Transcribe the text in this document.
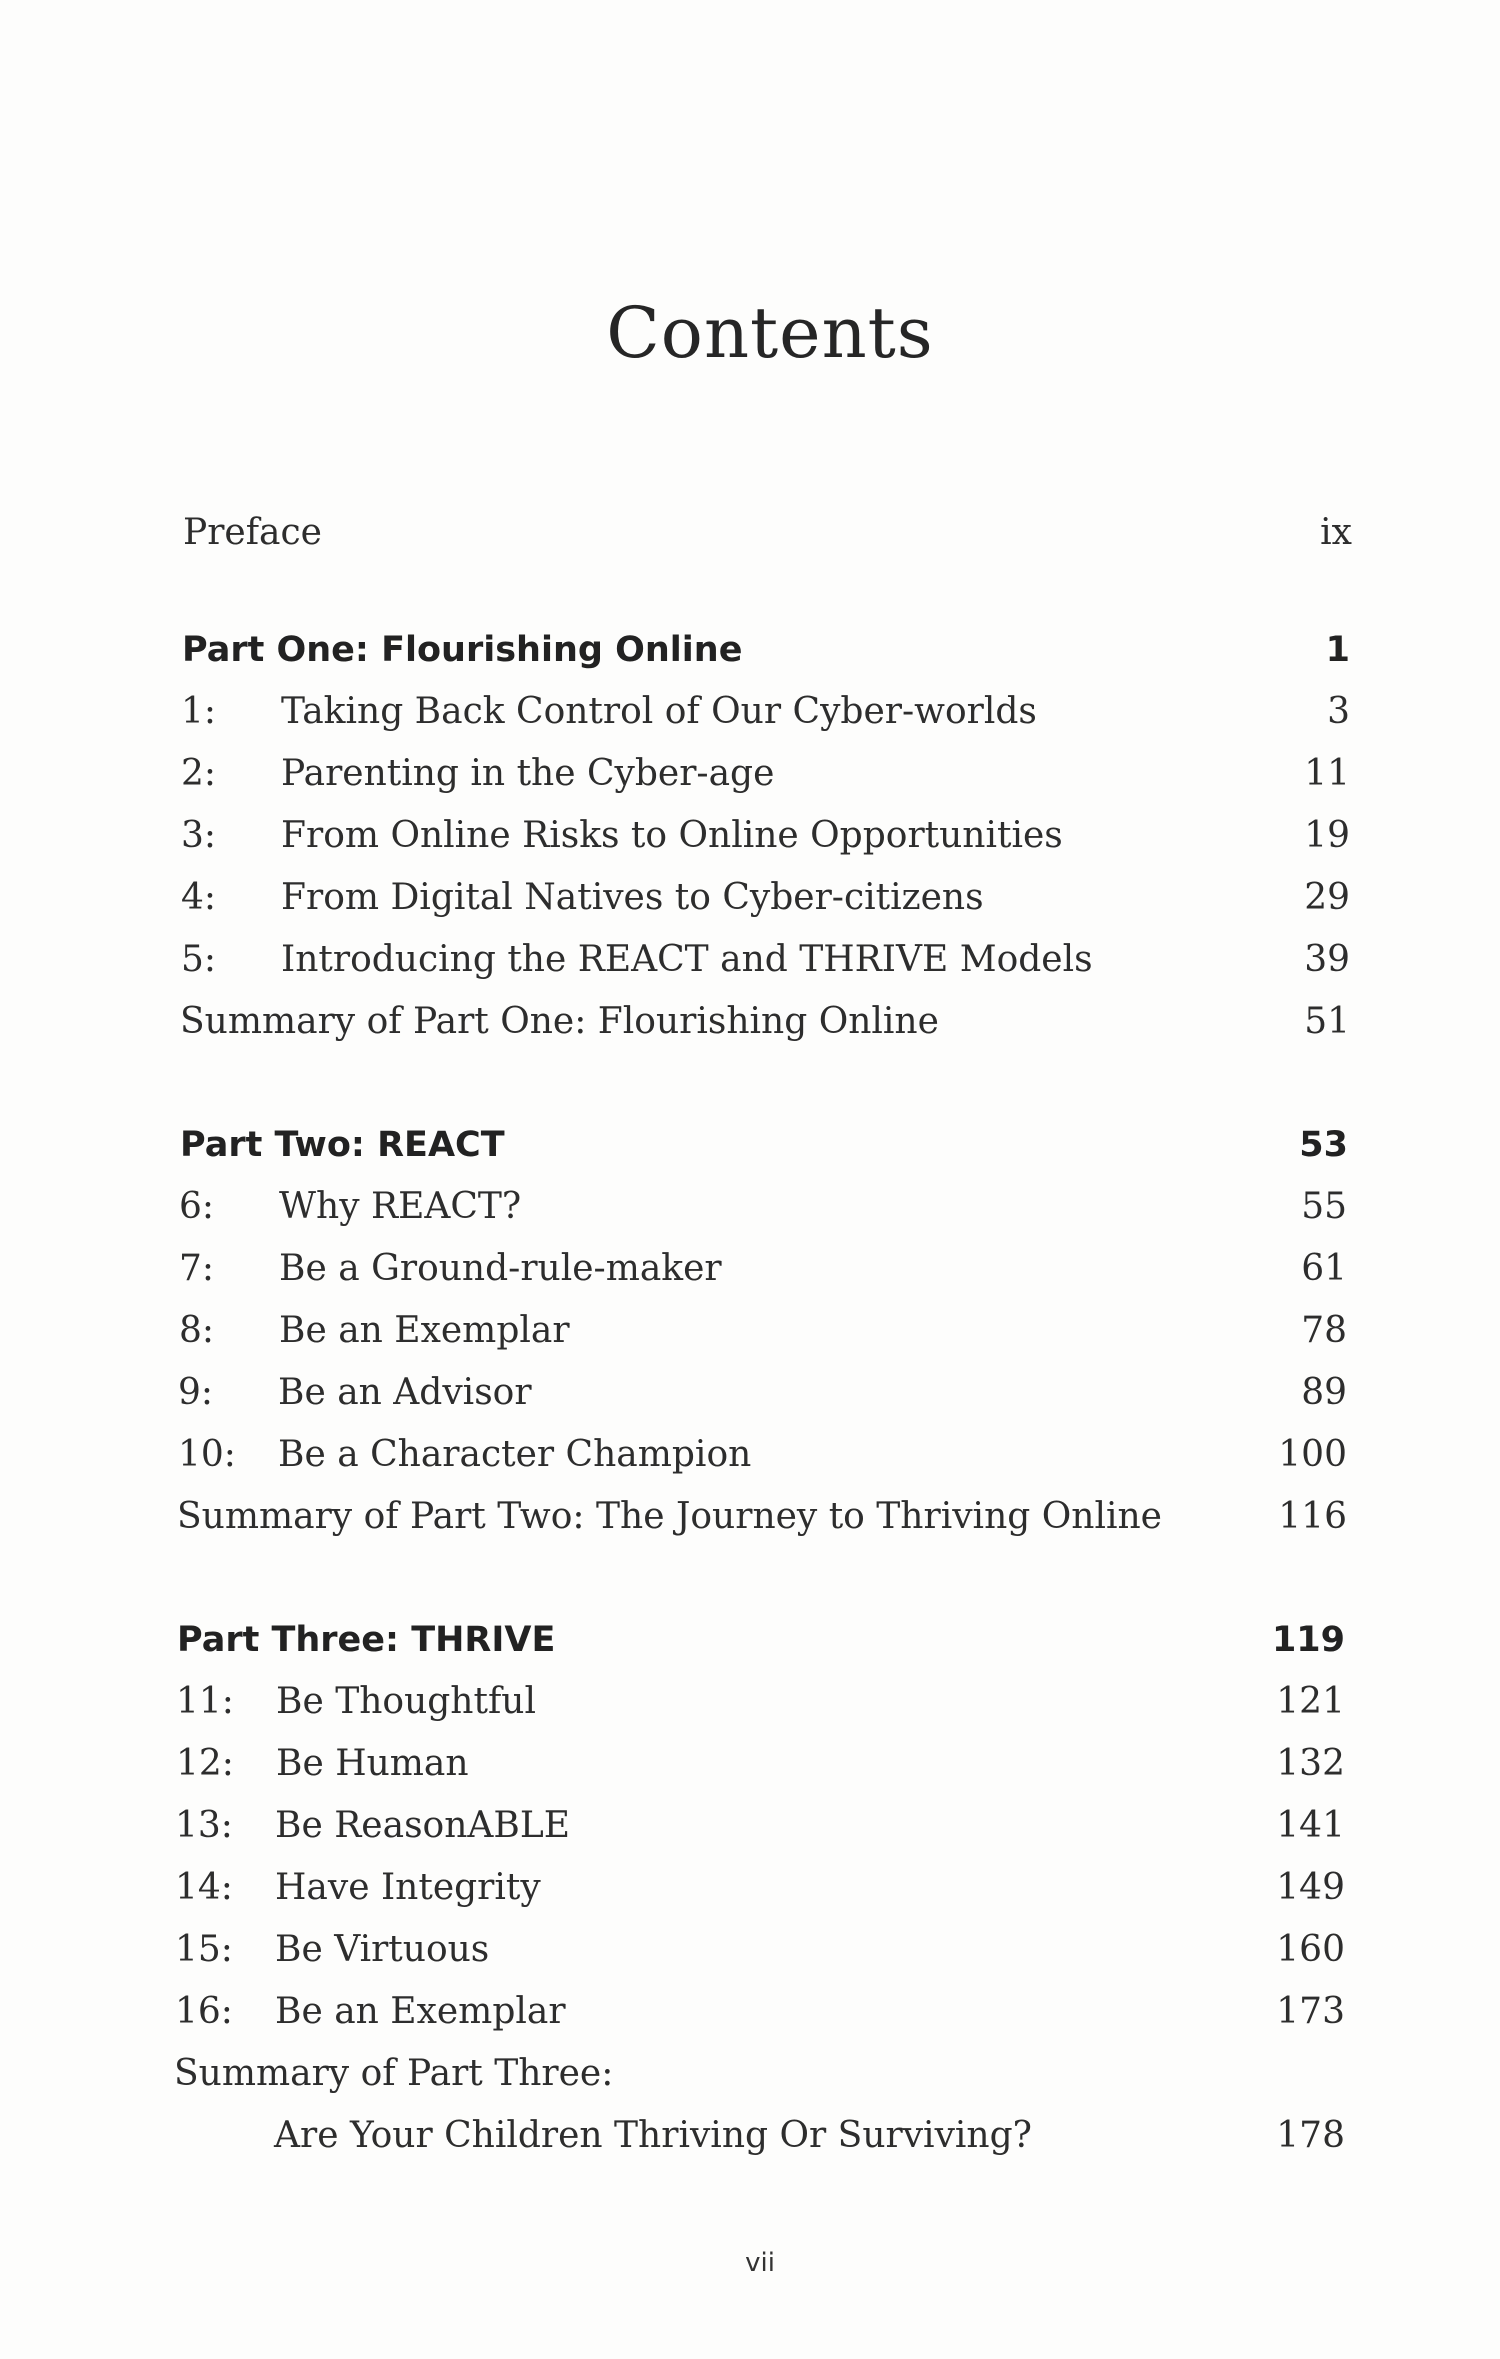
Contents
Preface	ix
Part One: Flourishing Online	1
1: Taking Back Control of Our Cyber-worlds	3
2: Parenting in the Cyber-age	11
3: From Online Risks to Online Opportunities	19
4: From Digital Natives to Cyber-citizens	29
5: Introducing the REACT and THRIVE Models	39
Summary of Part One: Flourishing Online	51
Part Two: REACT	53
6: Why REACT?	55
7: Be a Ground-rule-maker	61
8: Be an Exemplar	78
9: Be an Advisor	89
10: Be a Character Champion	100
Summary of Part Two: The Journey to Thriving Online	116
Part Three: THRIVE	119
11: Be Thoughtful	121
12: Be Human	132
13: Be ReasonABLE	141
14: Have Integrity	149
15: Be Virtuous	160
16: Be an Exemplar	173
Summary of Part Three:
Are Your Children Thriving Or Surviving?	178
vii
